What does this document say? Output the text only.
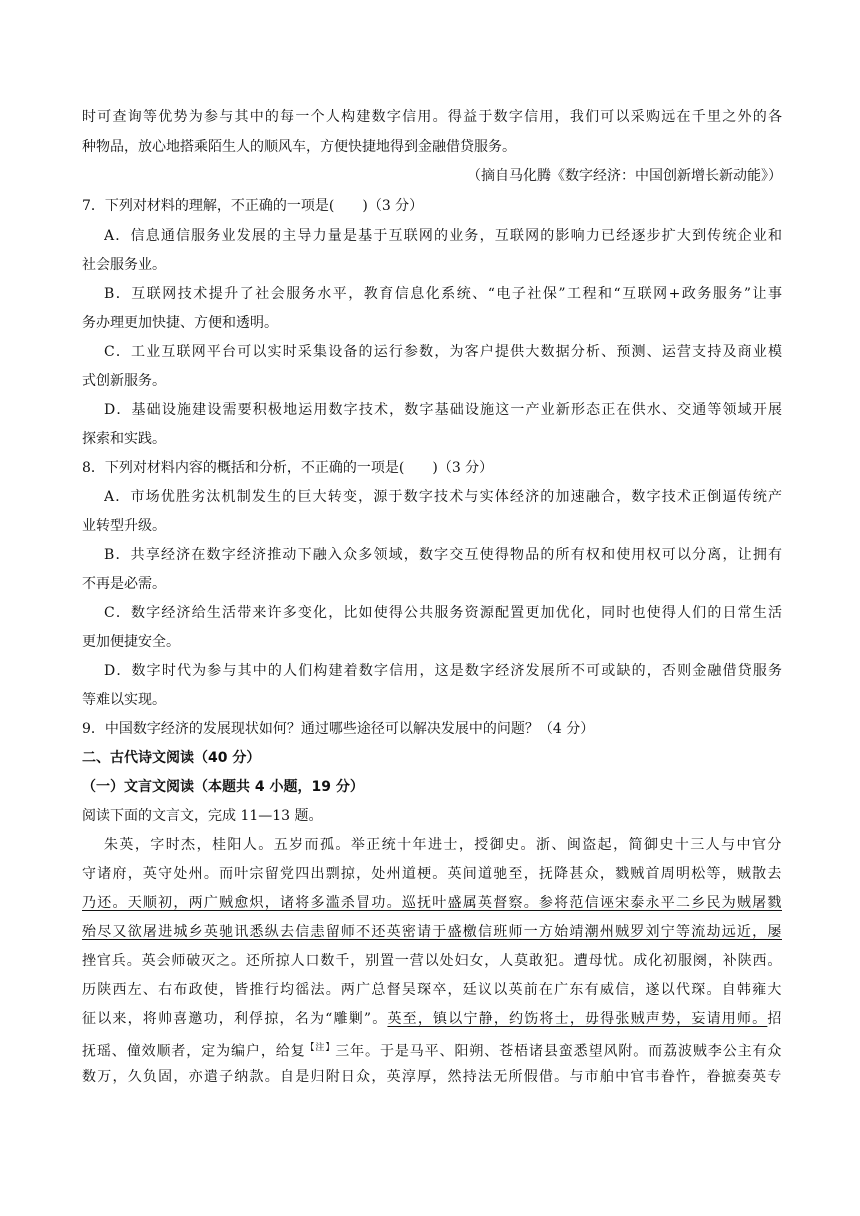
时可查询等优势为参与其中的每一个人构建数字信用。得益于数字信用，我们可以采购远在千里之外的各
种物品，放心地搭乘陌生人的顺风车，方便快捷地得到金融借贷服务。
（摘自马化腾《数字经济：中国创新增长新动能》）
7．下列对材料的理解，不正确的一项是(　　)（3 分）
A．信息通信服务业发展的主导力量是基于互联网的业务，互联网的影响力已经逐步扩大到传统企业和
社会服务业。
B．互联网技术提升了社会服务水平，教育信息化系统、“电子社保”工程和“互联网+政务服务”让事
务办理更加快捷、方便和透明。
C．工业互联网平台可以实时采集设备的运行参数，为客户提供大数据分析、预测、运营支持及商业模
式创新服务。
D．基础设施建设需要积极地运用数字技术，数字基础设施这一产业新形态正在供水、交通等领域开展
探索和实践。
8．下列对材料内容的概括和分析，不正确的一项是(　　)（3 分）
A．市场优胜劣汰机制发生的巨大转变，源于数字技术与实体经济的加速融合，数字技术正倒逼传统产
业转型升级。
B．共享经济在数字经济推动下融入众多领域，数字交互使得物品的所有权和使用权可以分离，让拥有
不再是必需。
C．数字经济给生活带来许多变化，比如使得公共服务资源配置更加优化，同时也使得人们的日常生活
更加便捷安全。
D．数字时代为参与其中的人们构建着数字信用，这是数字经济发展所不可或缺的，否则金融借贷服务
等难以实现。
9．中国数字经济的发展现状如何？通过哪些途径可以解决发展中的问题？（4 分）
二、古代诗文阅读（40 分）
（一）文言文阅读（本题共 4 小题，19 分）
阅读下面的文言文，完成 11—13 题。
朱英，字时杰，桂阳人。五岁而孤。举正统十年进士，授御史。浙、闽盗起，简御史十三人与中官分
守诸府，英守处州。而叶宗留党四出剽掠，处州道梗。英间道驰至，抚降甚众，戮贼首周明松等，贼散去
乃还。天顺初，两广贼愈炽，诸将多滥杀冒功。巡抚叶盛属英督察。参将范信诬宋泰永平二乡民为贼屠戮
殆尽又欲屠进城乡英驰讯悉纵去信恚留师不还英密请于盛檄信班师一方始靖潮州贼罗刘宁等流劫远近，屡
挫官兵。英会师破灭之。还所掠人口数千，别置一营以处妇女，人莫敢犯。遭母忧。成化初服阕，补陕西。
历陕西左、右布政使，皆推行均徭法。两广总督吴琛卒，廷议以英前在广东有威信，遂以代琛。自韩雍大
征以来，将帅喜邀功，利俘掠，名为“雕剿”。英至，镇以宁静，约饬将士，毋得张贼声势，妄请用师。招
抚瑶、僮效顺者，定为编户，给复$^{【注】}$三年。于是马平、阳朔、苍梧诸县蛮悉望风附。而荔波贼李公主有众
数万，久负固，亦遣子纳款。自是归附日众，英淳厚，然持法无所假借。与市舶中官韦眷忤，眷摭奏英专
